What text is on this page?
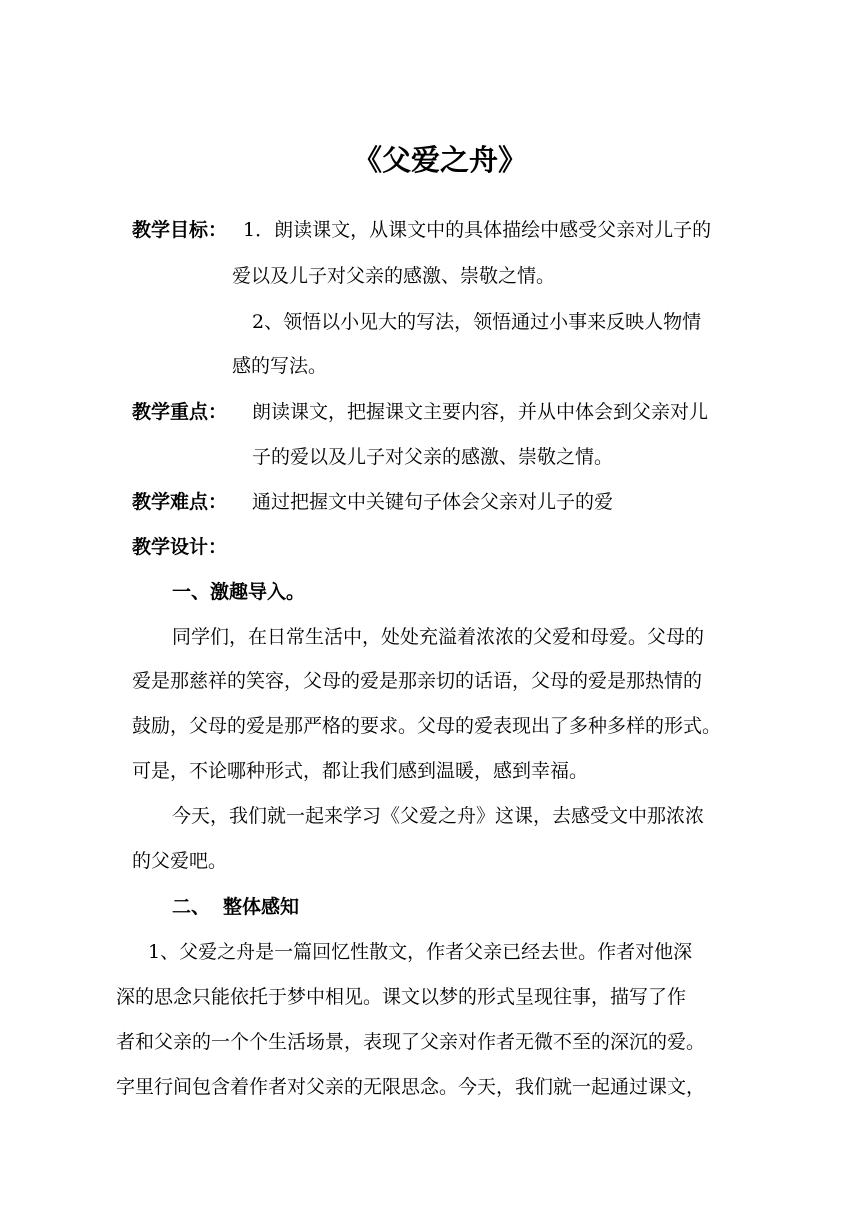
《父爱之舟》
教学目标： 1．朗读课文，从课文中的具体描绘中感受父亲对儿子的
爱以及儿子对父亲的感激、崇敬之情。
2、领悟以小见大的写法，领悟通过小事来反映人物情
感的写法。
教学重点： 朗读课文，把握课文主要内容，并从中体会到父亲对儿
子的爱以及儿子对父亲的感激、崇敬之情。
教学难点： 通过把握文中关键句子体会父亲对儿子的爱
教学设计：
一、激趣导入。
同学们，在日常生活中，处处充溢着浓浓的父爱和母爱。父母的
爱是那慈祥的笑容，父母的爱是那亲切的话语，父母的爱是那热情的
鼓励，父母的爱是那严格的要求。父母的爱表现出了多种多样的形式。
可是，不论哪种形式，都让我们感到温暖，感到幸福。
今天，我们就一起来学习《父爱之舟》这课，去感受文中那浓浓
的父爱吧。
二、 整体感知
1、父爱之舟是一篇回忆性散文，作者父亲已经去世。作者对他深
深的思念只能依托于梦中相见。课文以梦的形式呈现往事，描写了作
者和父亲的一个个生活场景，表现了父亲对作者无微不至的深沉的爱。
字里行间包含着作者对父亲的无限思念。今天，我们就一起通过课文，
